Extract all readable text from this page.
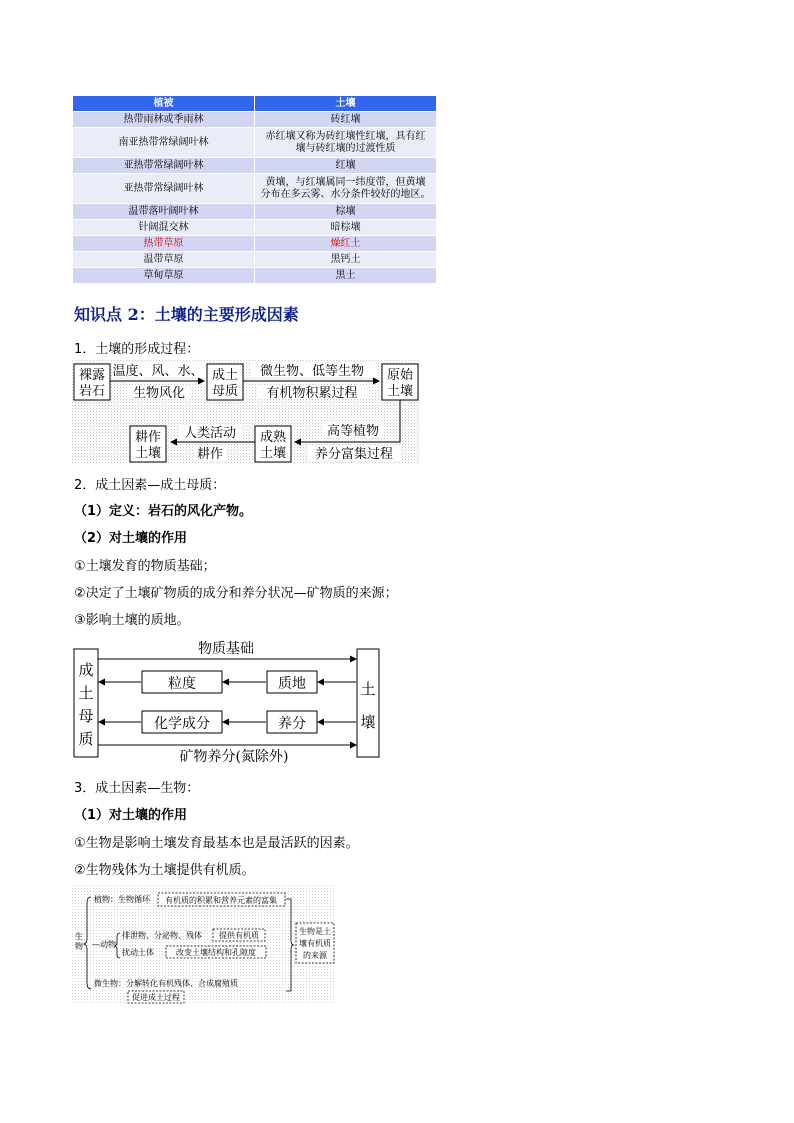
植被	土壤
热带雨林或季雨林	砖红壤
南亚热带常绿阔叶林	赤红壤又称为砖红壤性红壤，具有红
壤与砖红壤的过渡性质
亚热带常绿阔叶林	红壤
亚热带常绿阔叶林	黄壤，与红壤属同一纬度带，但黄壤
分布在多云雾、水分条件较好的地区。
温带落叶阔叶林	棕壤
针阔混交林	暗棕壤
热带草原	燥红土
温带草原	黑钙土
草甸草原	黑土
知识点 2：土壤的主要形成因素
1．土壤的形成过程：
裸露
岩石
温度、风、水、
生物风化
成土
母质
微生物、低等生物
有机物积累过程
原始
土壤
高等植物
养分富集过程
成熟
土壤
人类活动
耕作
耕作
土壤
2．成土因素—成土母质：
（1）定义：岩石的风化产物。
（2）对土壤的作用
①土壤发育的物质基础；
②决定了土壤矿物质的成分和养分状况—矿物质的来源；
③影响土壤的质地。
成
土
母
质
土
壤
物质基础
粒度	质地
化学成分	养分
矿物养分(氮除外)
3．成土因素—生物：
（1）对土壤的作用
①生物是影响土壤发育最基本也是最活跃的因素。
②生物残体为土壤提供有机质。
生
物
植物：生物循环 有机质的积累和营养元素的富集
—动物
排泄物、分泌物、残体 提供有机质
扰动土体	改变土壤结构和孔隙度
微生物：分解转化有机残体、合成腐殖质
促进成土过程
生物是土
壤有机质
的来源
